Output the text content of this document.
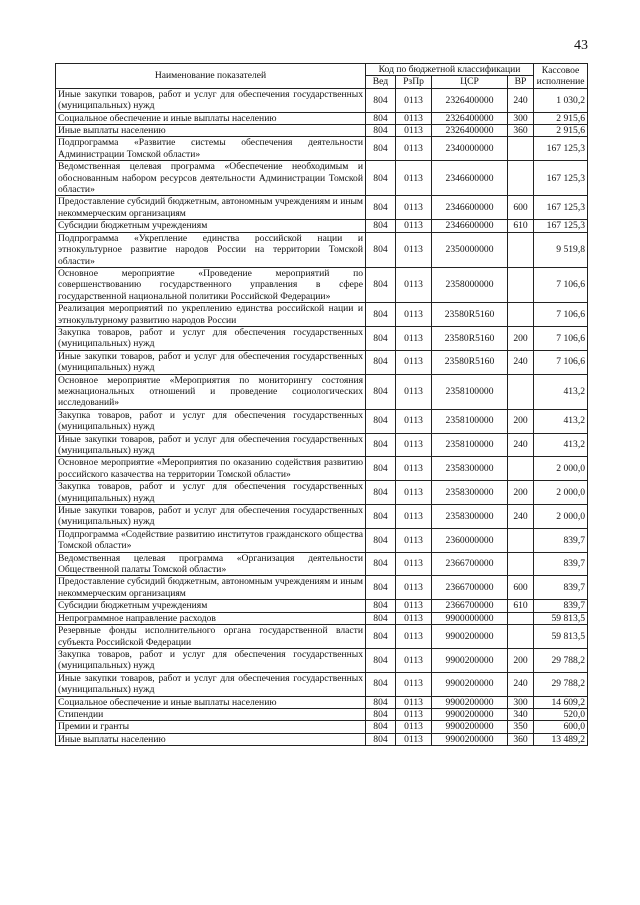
43
Наименование показателей	Код по бюджетной классификации				Кассовое исполнение
	Вед	РзПр	ЦСР	ВР	
Иные закупки товаров, работ и услуг для обеспечения государственных (муниципальных) нужд	804	0113	2326400000	240	1 030,2
Социальное обеспечение и иные выплаты населению	804	0113	2326400000	300	2 915,6
Иные выплаты населению	804	0113	2326400000	360	2 915,6
Подпрограмма «Развитие системы обеспечения деятельности Администрации Томской области»	804	0113	2340000000		167 125,3
Ведомственная целевая программа «Обеспечение необходимым и обоснованным набором ресурсов деятельности Администрации Томской области»	804	0113	2346600000		167 125,3
Предоставление субсидий бюджетным, автономным учреждениям и иным некоммерческим организациям	804	0113	2346600000	600	167 125,3
Субсидии бюджетным учреждениям	804	0113	2346600000	610	167 125,3
Подпрограмма «Укрепление единства российской нации и этнокультурное развитие народов России на территории Томской области»	804	0113	2350000000		9 519,8
Основное мероприятие «Проведение мероприятий по совершенствованию государственного управления в сфере государственной национальной политики Российской Федерации»	804	0113	2358000000		7 106,6
Реализация мероприятий по укреплению единства российской нации и этнокультурному развитию народов России	804	0113	23580R5160		7 106,6
Закупка товаров, работ и услуг для обеспечения государственных (муниципальных) нужд	804	0113	23580R5160	200	7 106,6
Иные закупки товаров, работ и услуг для обеспечения государственных (муниципальных) нужд	804	0113	23580R5160	240	7 106,6
Основное мероприятие «Мероприятия по мониторингу состояния межнациональных отношений и проведение социологических исследований»	804	0113	2358100000		413,2
Закупка товаров, работ и услуг для обеспечения государственных (муниципальных) нужд	804	0113	2358100000	200	413,2
Иные закупки товаров, работ и услуг для обеспечения государственных (муниципальных) нужд	804	0113	2358100000	240	413,2
Основное мероприятие «Мероприятия по оказанию содействия развитию российского казачества на территории Томской области»	804	0113	2358300000		2 000,0
Закупка товаров, работ и услуг для обеспечения государственных (муниципальных) нужд	804	0113	2358300000	200	2 000,0
Иные закупки товаров, работ и услуг для обеспечения государственных (муниципальных) нужд	804	0113	2358300000	240	2 000,0
Подпрограмма «Содействие развитию институтов гражданского общества Томской области»	804	0113	2360000000		839,7
Ведомственная целевая программа «Организация деятельности Общественной палаты Томской области»	804	0113	2366700000		839,7
Предоставление субсидий бюджетным, автономным учреждениям и иным некоммерческим организациям	804	0113	2366700000	600	839,7
Субсидии бюджетным учреждениям	804	0113	2366700000	610	839,7
Непрограммное направление расходов	804	0113	9900000000		59 813,5
Резервные фонды исполнительного органа государственной власти субъекта Российской Федерации	804	0113	9900200000		59 813,5
Закупка товаров, работ и услуг для обеспечения государственных (муниципальных) нужд	804	0113	9900200000	200	29 788,2
Иные закупки товаров, работ и услуг для обеспечения государственных (муниципальных) нужд	804	0113	9900200000	240	29 788,2
Социальное обеспечение и иные выплаты населению	804	0113	9900200000	300	14 609,2
Стипендии	804	0113	9900200000	340	520,0
Премии и гранты	804	0113	9900200000	350	600,0
Иные выплаты населению	804	0113	9900200000	360	13 489,2
